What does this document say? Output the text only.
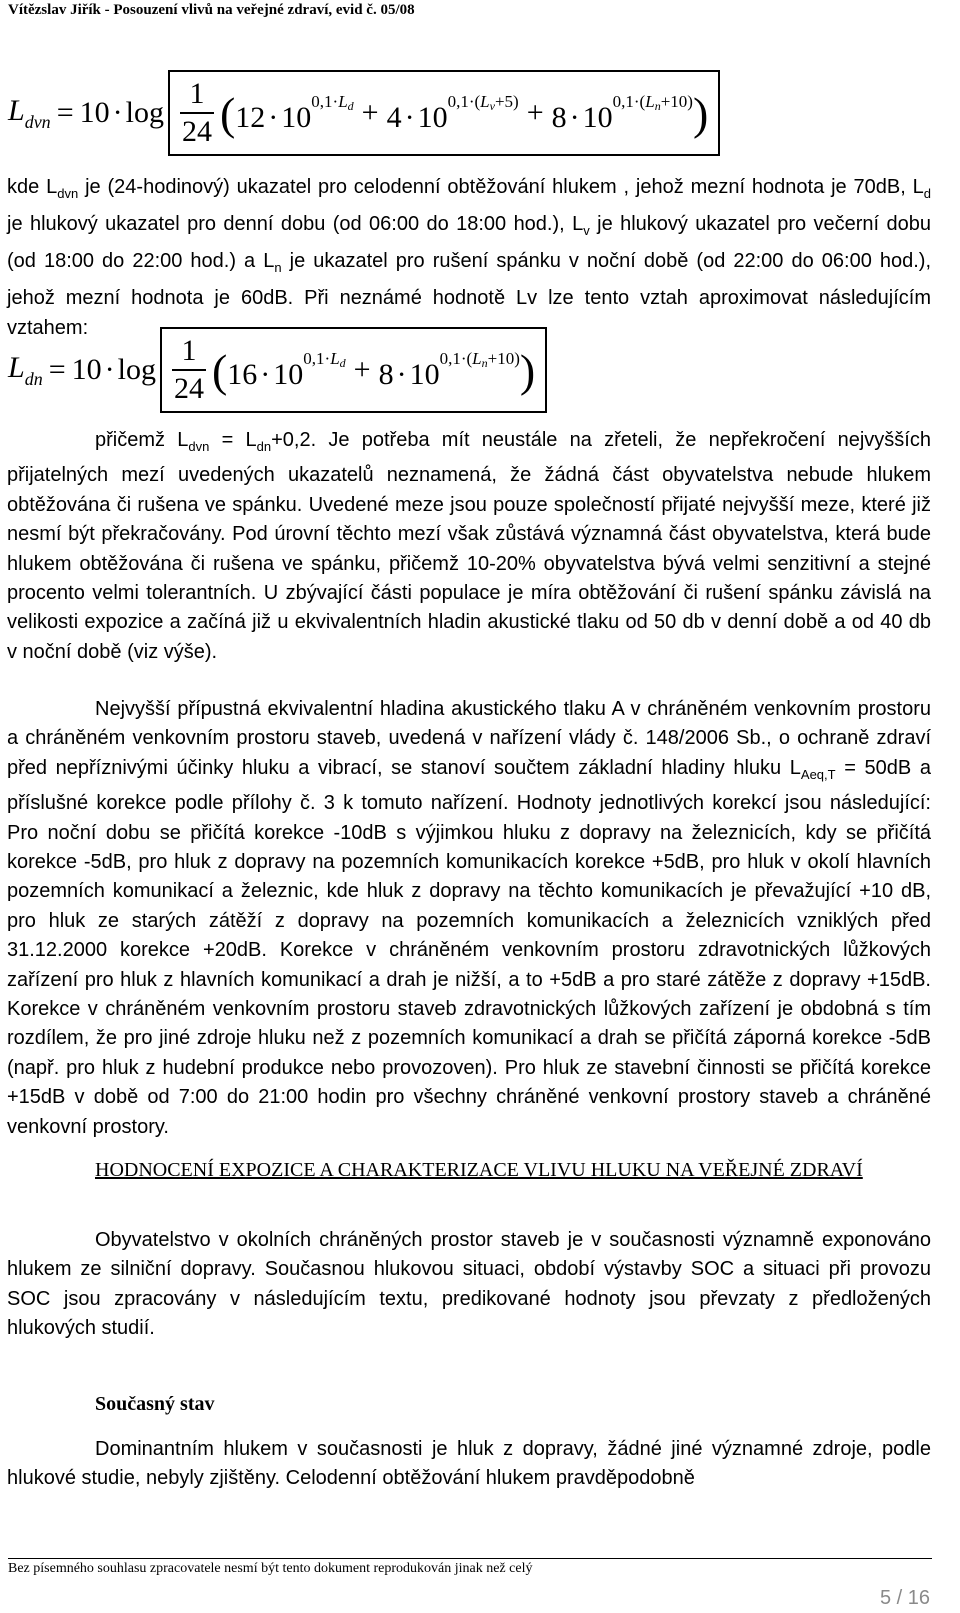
Vítězslav Jiřík - Posouzení vlivů na veřejné zdraví, evid č. 05/08
$L_{dvn} = 10 \cdot \log \frac{1}{24}$ ( $12 \cdot 10^{0,1\cdot L_d} + 4 \cdot 10^{0,1\cdot(L_v+5)} + 8 \cdot 10^{0,1\cdot(L_n+10)}$ )
kde $L_{dvn}$ je (24-hodinový) ukazatel pro celodenní obtěžování hlukem , jehož mezní hodnota je 70dB, $L_d$ je hlukový ukazatel pro denní dobu (od 06:00 do 18:00 hod.), $L_v$ je hlukový ukazatel pro večerní dobu (od 18:00 do 22:00 hod.) a $L_n$ je ukazatel pro rušení spánku v noční době (od 22:00 do 06:00 hod.), jehož mezní hodnota je 60dB. Při neznámé hodnotě Lv lze tento vztah aproximovat následujícím vztahem:
$L_{dn} = 10 \cdot \log \frac{1}{24}$ ( $16 \cdot 10^{0,1\cdot L_d} + 8 \cdot 10^{0,1\cdot(L_n+10)}$ )
přičemž $L_{dvn} = L_{dn}+0,2$. Je potřeba mít neustále na zřeteli, že nepřekročení nejvyšších přijatelných mezí uvedených ukazatelů neznamená, že žádná část obyvatelstva nebude hlukem obtěžována či rušena ve spánku. Uvedené meze jsou pouze společností přijaté nejvyšší meze, které již nesmí být překračovány. Pod úrovní těchto mezí však zůstává významná část obyvatelstva, která bude hlukem obtěžována či rušena ve spánku, přičemž 10-20% obyvatelstva bývá velmi senzitivní a stejné procento velmi tolerantních. U zbývající části populace je míra obtěžování či rušení spánku závislá na velikosti expozice a začíná již u ekvivalentních hladin akustické tlaku od 50 db v denní době a od 40 db v noční době (viz výše).
Nejvyšší přípustná ekvivalentní hladina akustického tlaku A v chráněném venkovním prostoru a chráněném venkovním prostoru staveb, uvedená v nařízení vlády č. 148/2006 Sb., o ochraně zdraví před nepříznivými účinky hluku a vibrací, se stanoví součtem základní hladiny hluku $L_{Aeq,T} = 50dB$ a příslušné korekce podle přílohy č. 3 k tomuto nařízení. Hodnoty jednotlivých korekcí jsou následující: Pro noční dobu se přičítá korekce -10dB s výjimkou hluku z dopravy na železnicích, kdy se přičítá korekce -5dB, pro hluk z dopravy na pozemních komunikacích korekce +5dB, pro hluk v okolí hlavních pozemních komunikací a železnic, kde hluk z dopravy na těchto komunikacích je převažující +10 dB, pro hluk ze starých zátěží z dopravy na pozemních komunikacích a železnicích vzniklých před 31.12.2000 korekce +20dB. Korekce v chráněném venkovním prostoru zdravotnických lůžkových zařízení pro hluk z hlavních komunikací a drah je nižší, a to +5dB a pro staré zátěže z dopravy +15dB. Korekce v chráněném venkovním prostoru staveb zdravotnických lůžkových zařízení je obdobná s tím rozdílem, že pro jiné zdroje hluku než z pozemních komunikací a drah se přičítá záporná korekce -5dB (např. pro hluk z hudební produkce nebo provozoven). Pro hluk ze stavební činnosti se přičítá korekce +15dB v době od 7:00 do 21:00 hodin pro všechny chráněné venkovní prostory staveb a chráněné venkovní prostory.
HODNOCENÍ EXPOZICE A CHARAKTERIZACE VLIVU HLUKU NA VEŘEJNÉ ZDRAVÍ
Obyvatelstvo v okolních chráněných prostor staveb je v současnosti významně exponováno hlukem ze silniční dopravy. Současnou hlukovou situaci, období výstavby SOC a situaci při provozu SOC jsou zpracovány v následujícím textu, predikované hodnoty jsou převzaty z předložených hlukových studií.
Současný stav
Dominantním hlukem v současnosti je hluk z dopravy, žádné jiné významné zdroje, podle hlukové studie, nebyly zjištěny. Celodenní obtěžování hlukem pravděpodobně
Bez písemného souhlasu zpracovatele nesmí být tento dokument reprodukován jinak než celý
5 / 16
